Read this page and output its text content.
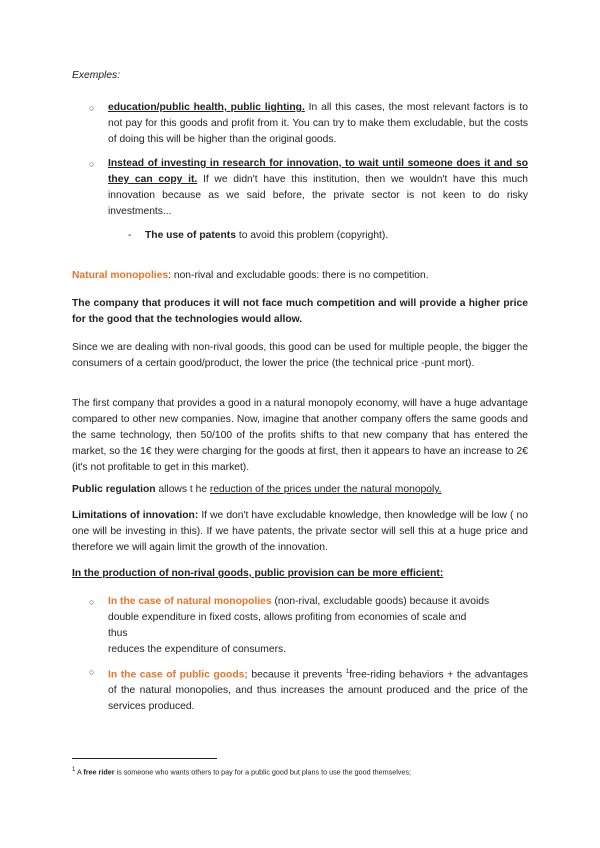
Exemples:

○ education/public health, public lighting. In all this cases, the most relevant factors is to not pay for this goods and profit from it. You can try to make them excludable, but the costs of doing this will be higher than the original goods.

○ Instead of investing in research for innovation, to wait until someone does it and so they can copy it. If we didn't have this institution, then we wouldn't have this much innovation because as we said before, the private sector is not keen to do risky investments...

- The use of patents to avoid this problem (copyright).

Natural monopolies: non-rival and excludable goods: there is no competition.

The company that produces it will not face much competition and will provide a higher price for the good that the technologies would allow.

Since we are dealing with non-rival goods, this good can be used for multiple people, the bigger the consumers of a certain good/product, the lower the price (the technical price -punt mort).

The first company that provides a good in a natural monopoly economy, will have a huge advantage compared to other new companies. Now, imagine that another company offers the same goods and the same technology, then 50/100 of the profits shifts to that new company that has entered the market, so the 1€ they were charging for the goods at first, then it appears to have an increase to 2€ (it's not profitable to get in this market).

Public regulation allows t he reduction of the prices under the natural monopoly.

Limitations of innovation: If we don't have excludable knowledge, then knowledge will be low ( no one will be investing in this). If we have patents, the private sector will sell this at a huge price and therefore we will again limit the growth of the innovation.

In the production of non-rival goods, public provision can be more efficient:

○ In the case of natural monopolies (non-rival, excludable goods) because it avoids
double expenditure in fixed costs, allows profiting from economies of scale and
thus
reduces the expenditure of consumers.
○ In the case of public goods; because it prevents $^1$free-riding behaviors + the advantages of the natural monopolies, and thus increases the amount produced and the price of the services produced.

$^1$ A free rider is someone who wants others to pay for a public good but plans to use the good themselves;
